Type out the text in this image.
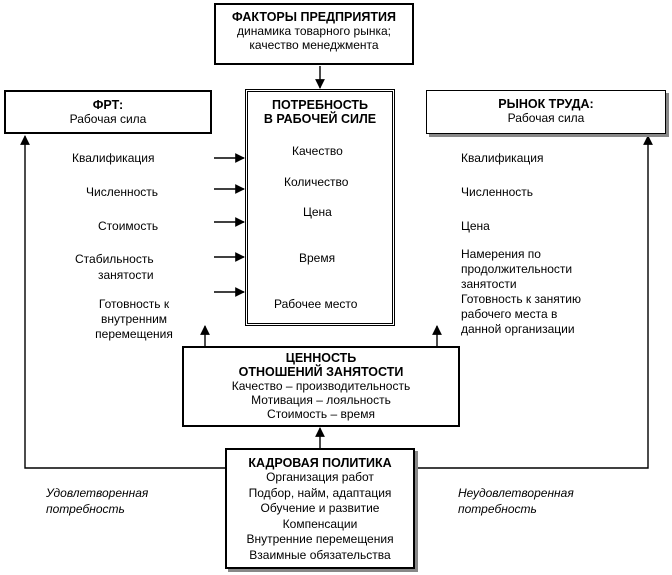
ФАКТОРЫ ПРЕДПРИЯТИЯ
динамика товарного рынка;
качество менеджмента
ФРТ:
Рабочая сила
ПОТРЕБНОСТЬ
В РАБОЧЕЙ СИЛЕ
Качество
Количество
Цена
Время
Рабочее место
РЫНОК ТРУДА:
Рабочая сила
Квалификация
Численность
Стоимость
Стабильность
занятости
Готовность к
внутренним
перемещения
Квалификация
Численность
Цена
Намерения по
продолжительности
занятости
Готовность к занятию
рабочего места в
данной организации
ЦЕННОСТЬ
ОТНОШЕНИЙ ЗАНЯТОСТИ
Качество – производительность
Мотивация – лояльность
Стоимость – время
КАДРОВАЯ ПОЛИТИКА
Организация работ
Подбор, найм, адаптация
Обучение и развитие
Компенсации
Внутренние перемещения
Взаимные обязательства
Удовлетворенная
потребность
Неудовлетворенная
потребность
